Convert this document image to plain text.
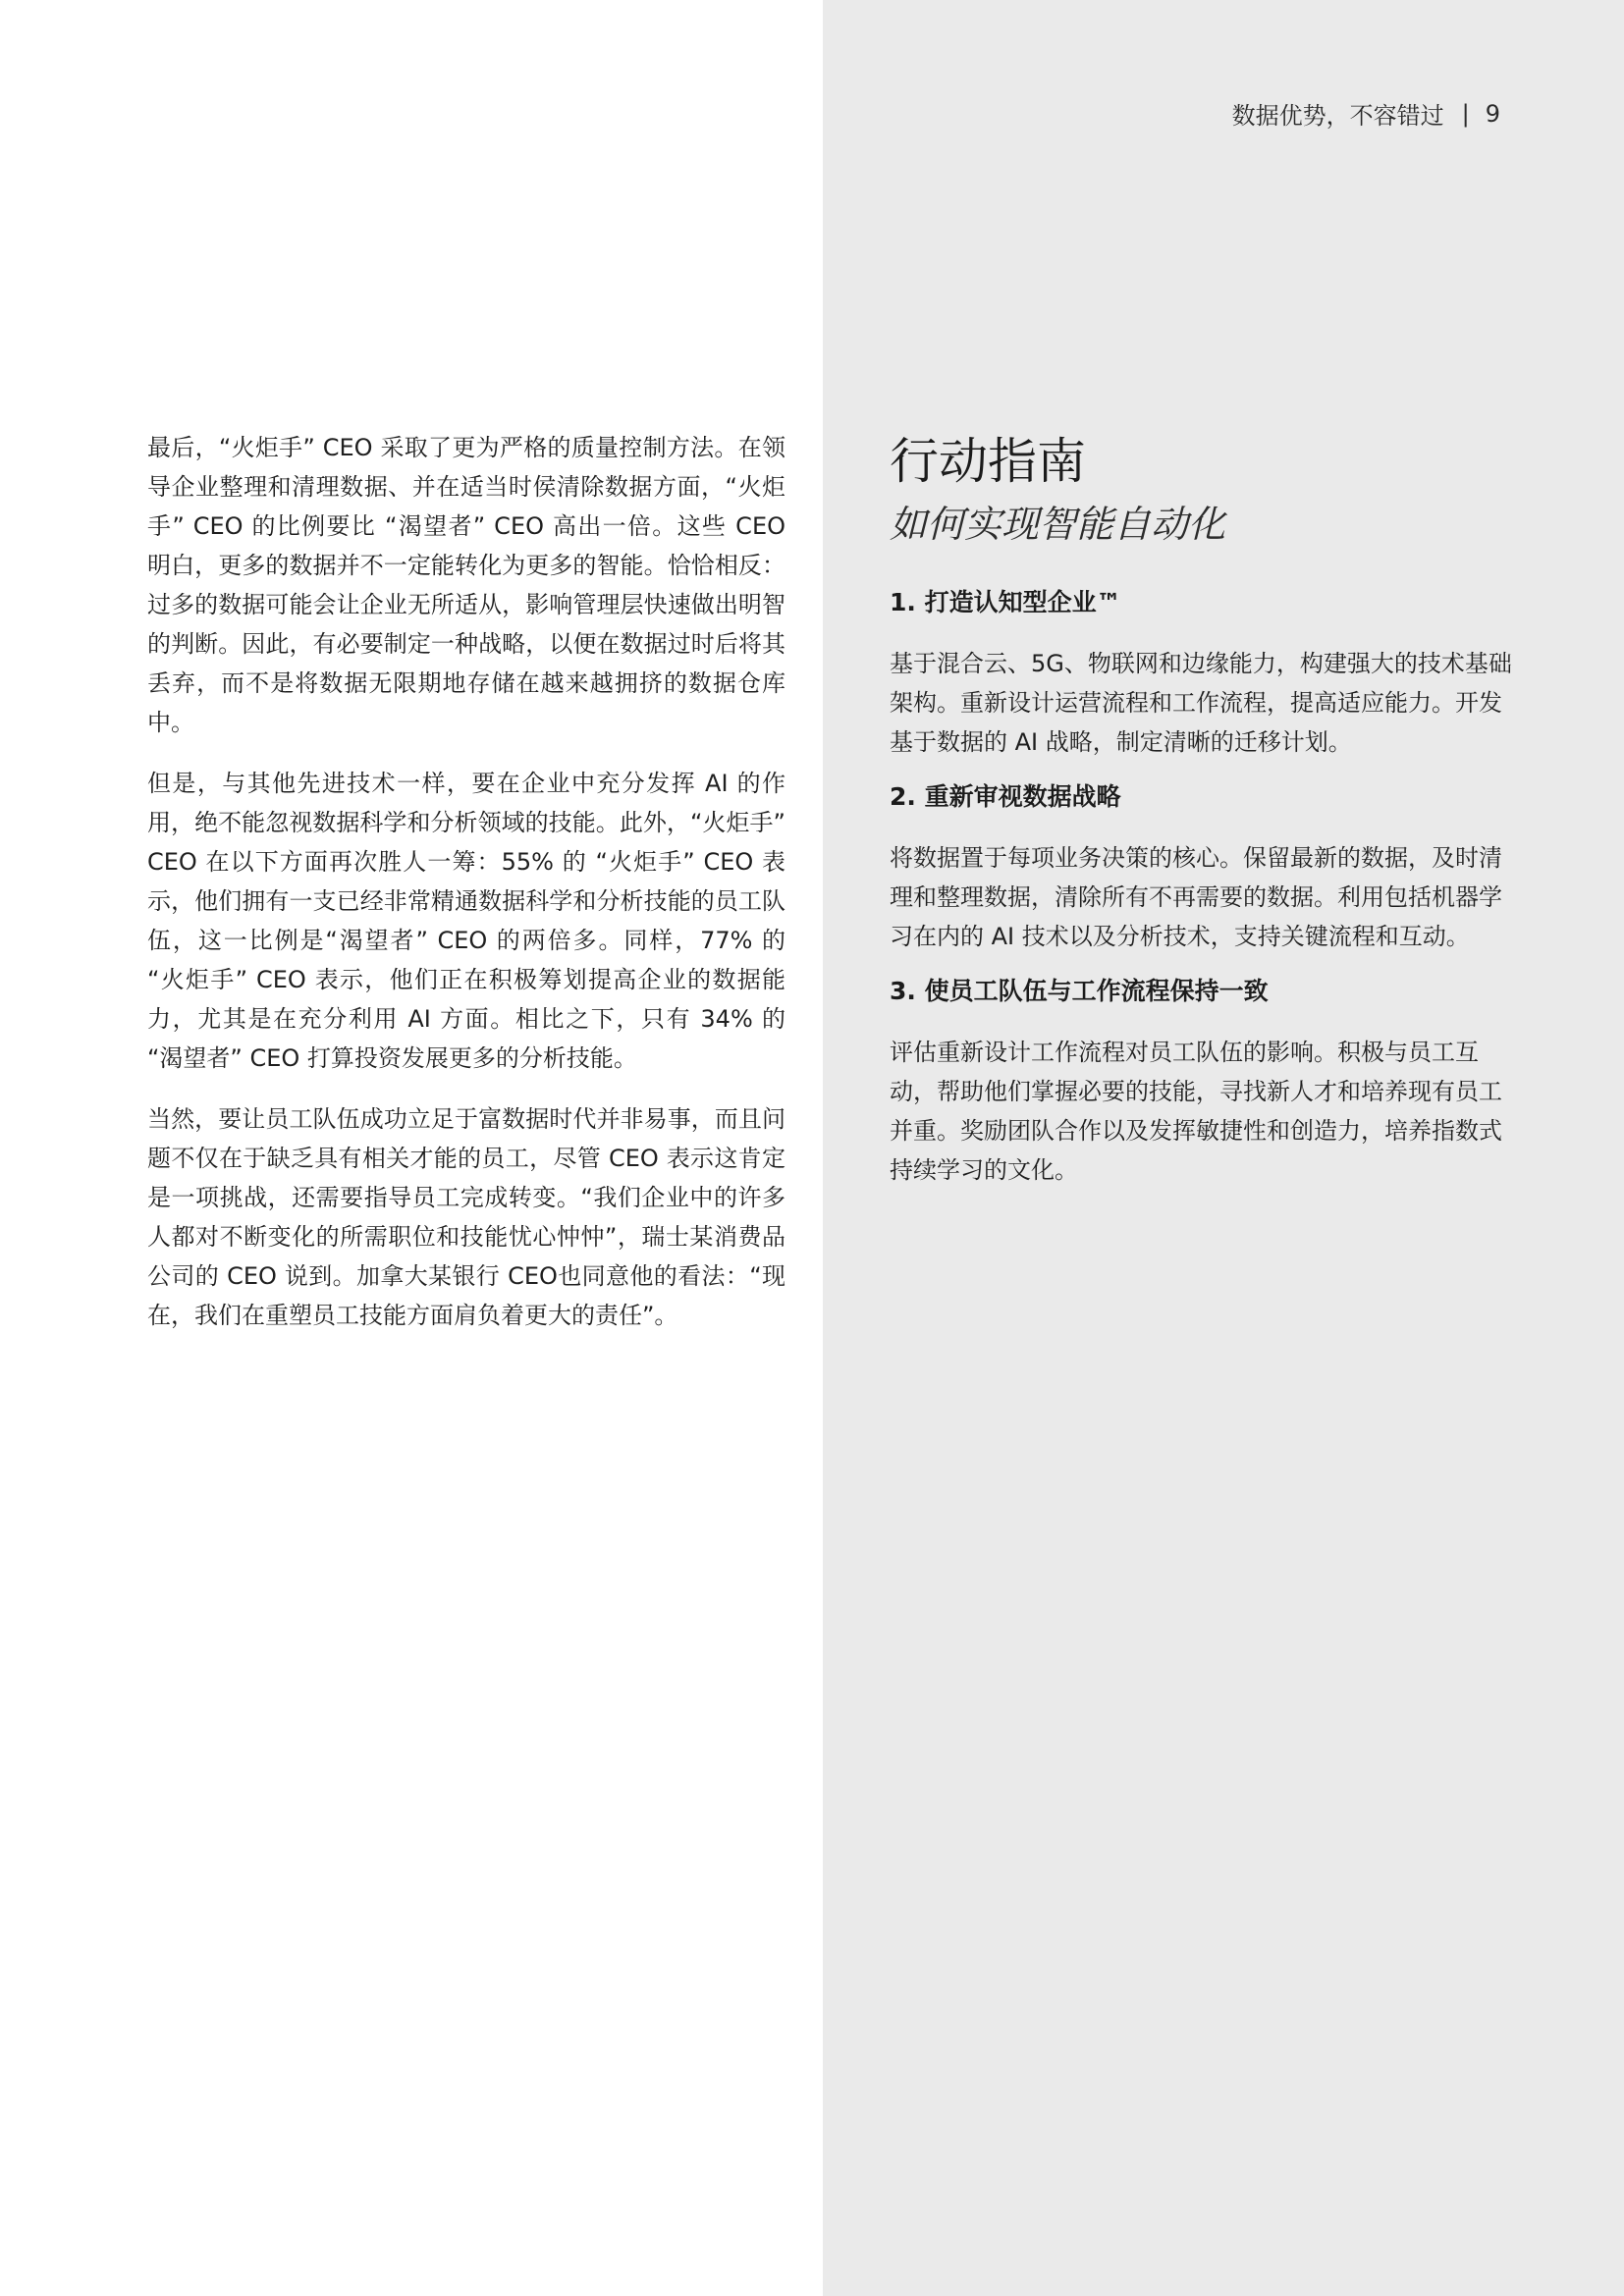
数据优势，不容错过 | 9

最后，“火炬手” CEO 采取了更为严格的质量控制方法。在领导企业整理和清理数据、并在适当时侯清除数据方面，“火炬手” CEO 的比例要比 “渴望者” CEO 高出一倍。这些 CEO 明白，更多的数据并不一定能转化为更多的智能。恰恰相反：过多的数据可能会让企业无所适从，影响管理层快速做出明智的判断。因此，有必要制定一种战略，以便在数据过时后将其丢弃，而不是将数据无限期地存储在越来越拥挤的数据仓库中。

但是，与其他先进技术一样，要在企业中充分发挥 AI 的作用，绝不能忽视数据科学和分析领域的技能。此外，“火炬手” CEO 在以下方面再次胜人一筹：55% 的 “火炬手” CEO 表示，他们拥有一支已经非常精通数据科学和分析技能的员工队伍，这一比例是“渴望者” CEO 的两倍多。同样，77% 的 “火炬手” CEO 表示，他们正在积极筹划提高企业的数据能力，尤其是在充分利用 AI 方面。相比之下，只有 34% 的 “渴望者” CEO 打算投资发展更多的分析技能。

当然，要让员工队伍成功立足于富数据时代并非易事，而且问题不仅在于缺乏具有相关才能的员工，尽管 CEO 表示这肯定是一项挑战，还需要指导员工完成转变。“我们企业中的许多人都对不断变化的所需职位和技能忧心忡忡”，瑞士某消费品公司的 CEO 说到。加拿大某银行 CEO也同意他的看法：“现在，我们在重塑员工技能方面肩负着更大的责任”。

行动指南
如何实现智能自动化
1. 打造认知型企业™

基于混合云、5G、物联网和边缘能力，构建强大的技术基础架构。重新设计运营流程和工作流程，提高适应能力。开发基于数据的 AI 战略，制定清晰的迁移计划。

2. 重新审视数据战略

将数据置于每项业务决策的核心。保留最新的数据，及时清理和整理数据，清除所有不再需要的数据。利用包括机器学习在内的 AI 技术以及分析技术，支持关键流程和互动。

3. 使员工队伍与工作流程保持一致

评估重新设计工作流程对员工队伍的影响。积极与员工互动，帮助他们掌握必要的技能，寻找新人才和培养现有员工并重。奖励团队合作以及发挥敏捷性和创造力，培养指数式持续学习的文化。
